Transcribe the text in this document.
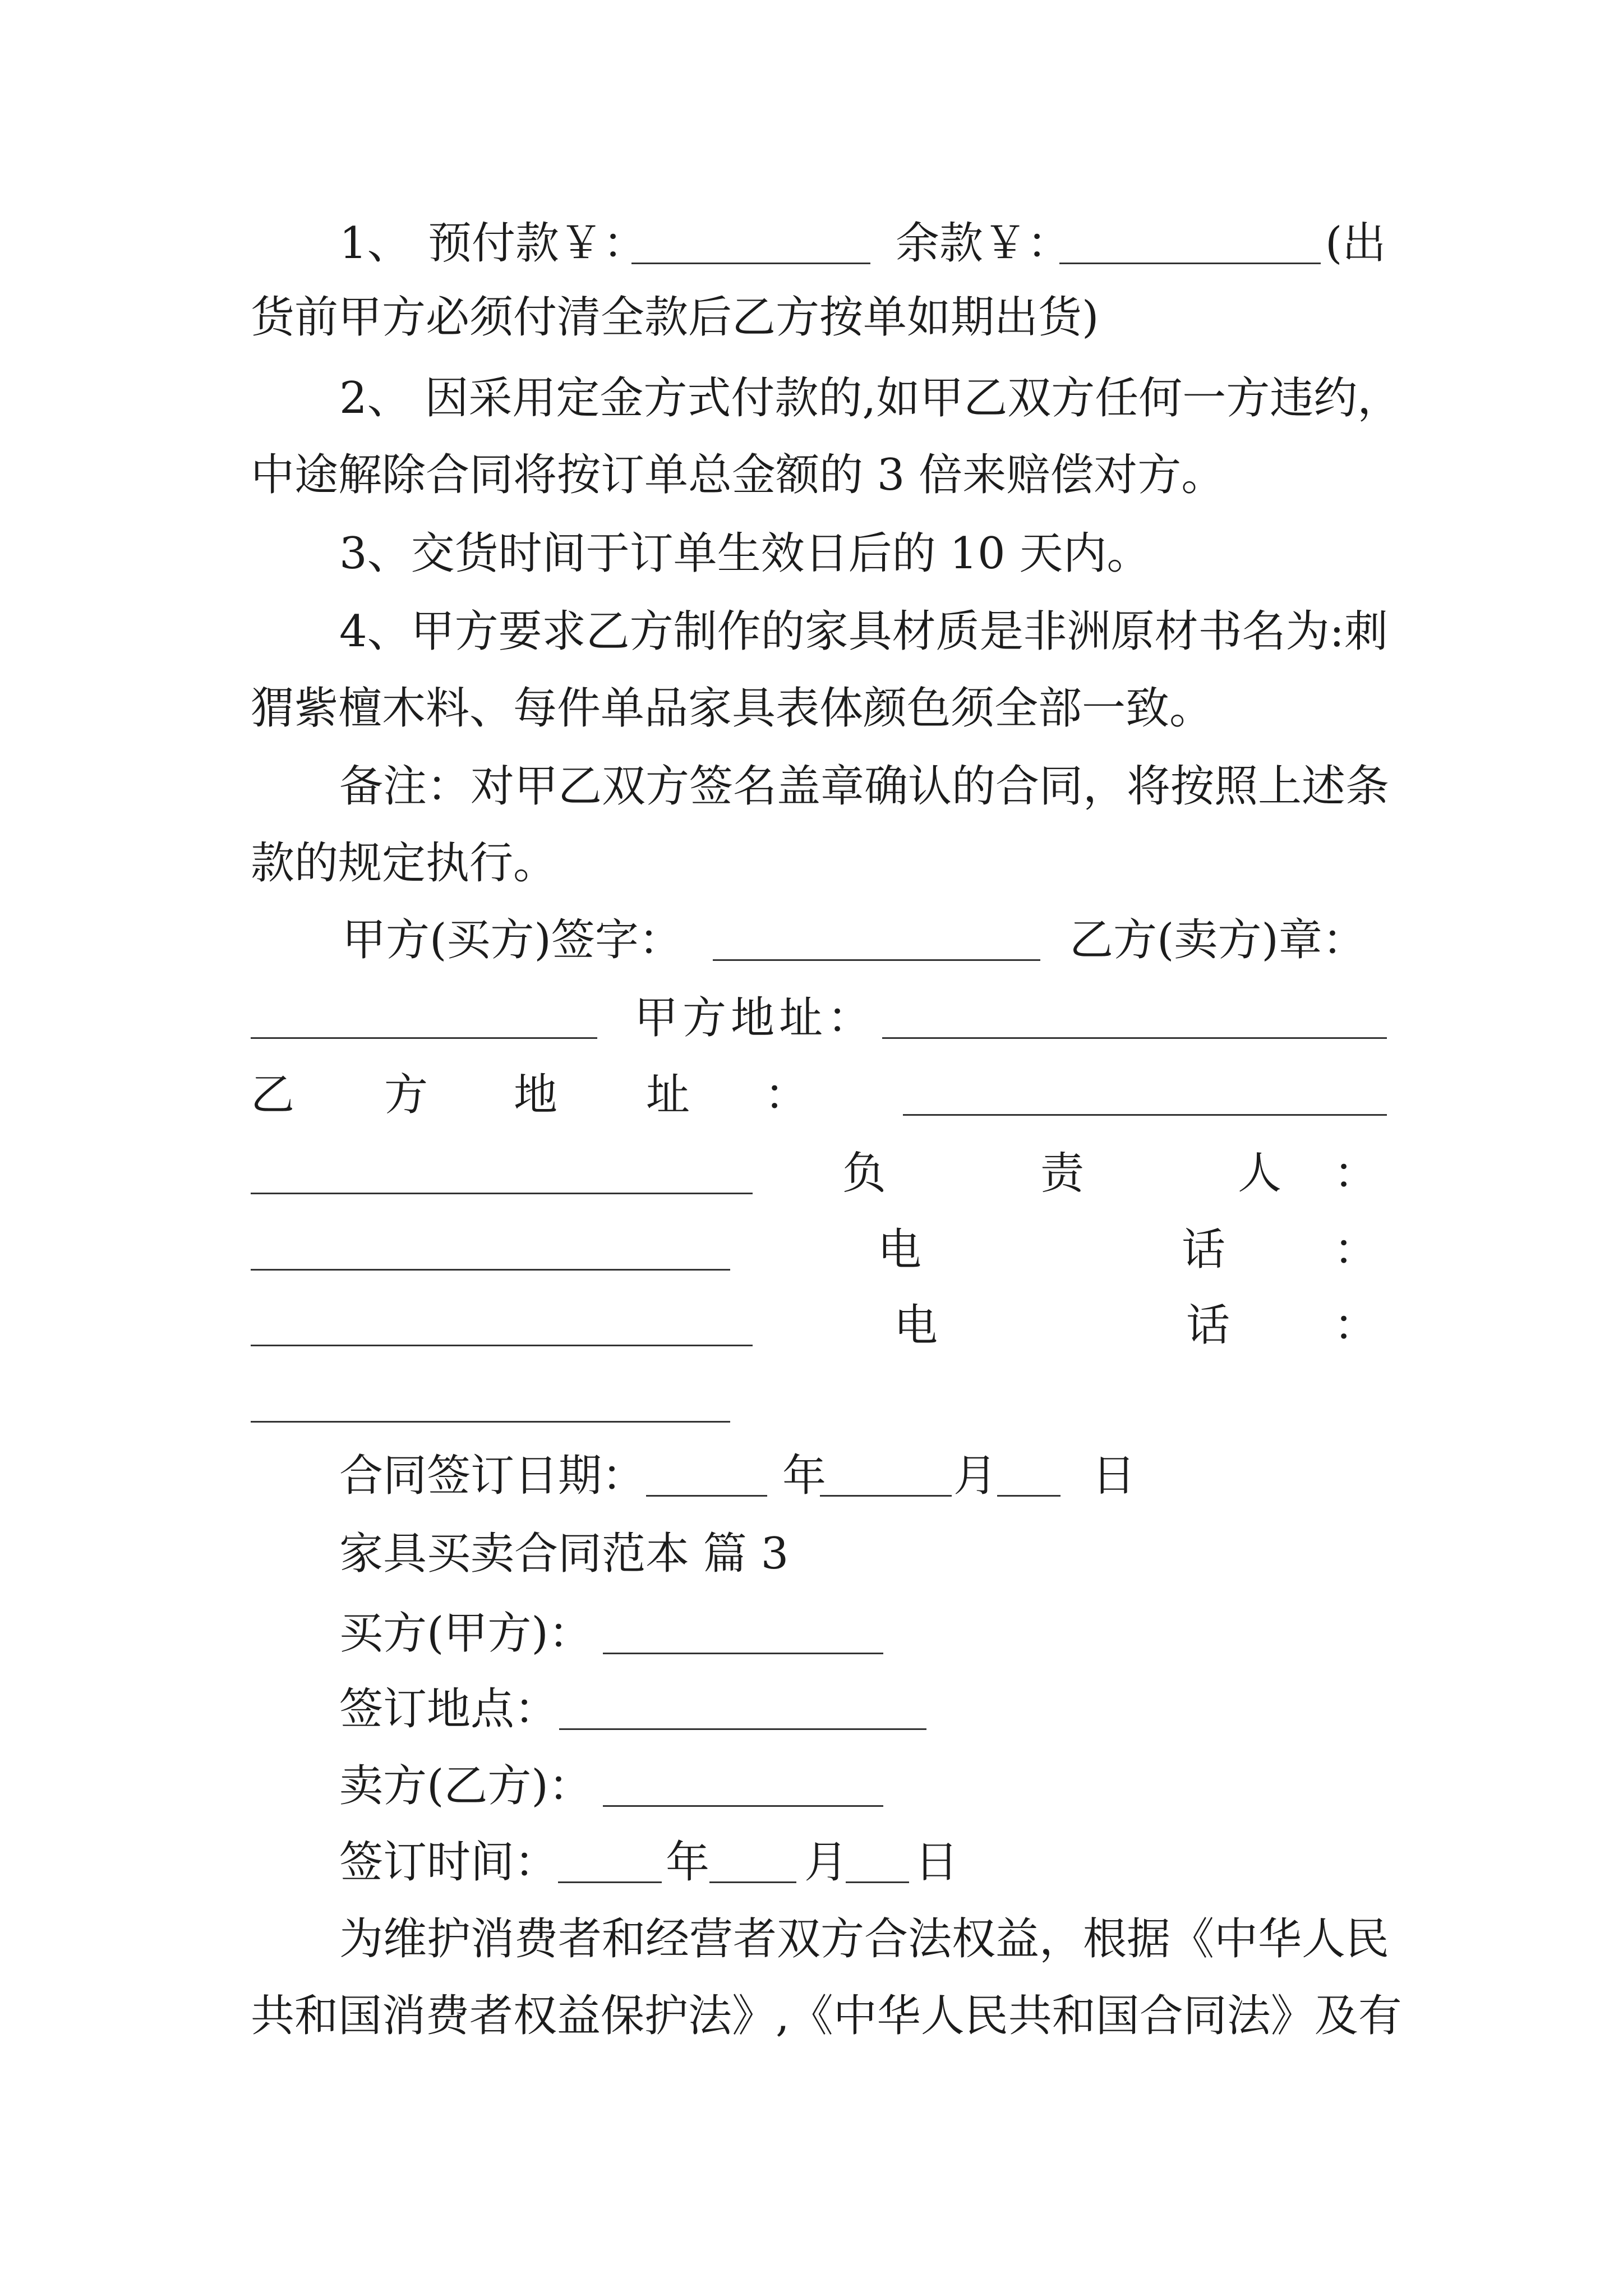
1、 预付款￥：	余款￥：	(出
货前甲方必须付清全款后乙方按单如期出货)
2、 因采用定金方式付款的,如甲乙双方任何一方违约，
中途解除合同将按订单总金额的 3 倍来赔偿对方。
3、交货时间于订单生效日后的 10 天内。
4、甲方要求乙方制作的家具材质是非洲原材书名为:刺
猬紫檀木料、每件单品家具表体颜色须全部一致。
备注：对甲乙双方签名盖章确认的合同，将按照上述条
款的规定执行。
甲方(买方)签字：	乙方(卖方)章：
甲方地址：
乙 方 地 址 ：
负	责	人 ：
电	话 ：
电	话 ：
合同签订日期：	年	月 日
家具买卖合同范本 篇 3
买方(甲方)：
签订地点：
卖方(乙方)：
签订时间： 年 月 日
为维护消费者和经营者双方合法权益，根据《中华人民
共和国消费者权益保护法》,《中华人民共和国合同法》及有
